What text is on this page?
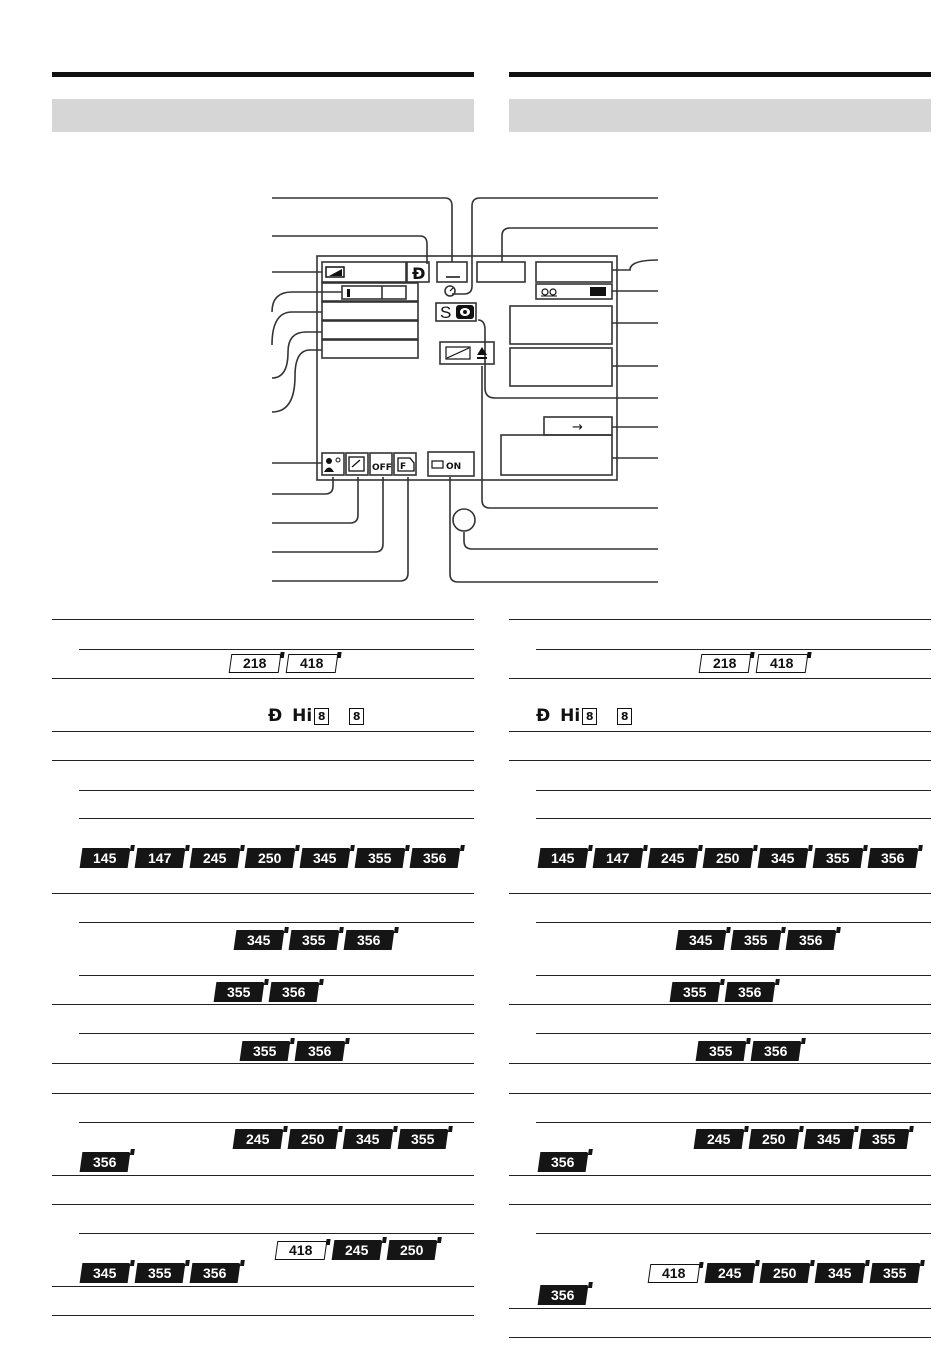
Ð
S
→
OFF F	ON
218	418
Ð Hi 8 8
145	147	245	250	345	355	356
345	355	356
355	356
355	356
245	250	345	355
356
418	245	250
345	355	356
218	418
Ð Hi 8 8
145	147	245	250	345	355	356
345	355	356
355	356
355	356
245	250	345	355
356
418	245	250	345	355
356
